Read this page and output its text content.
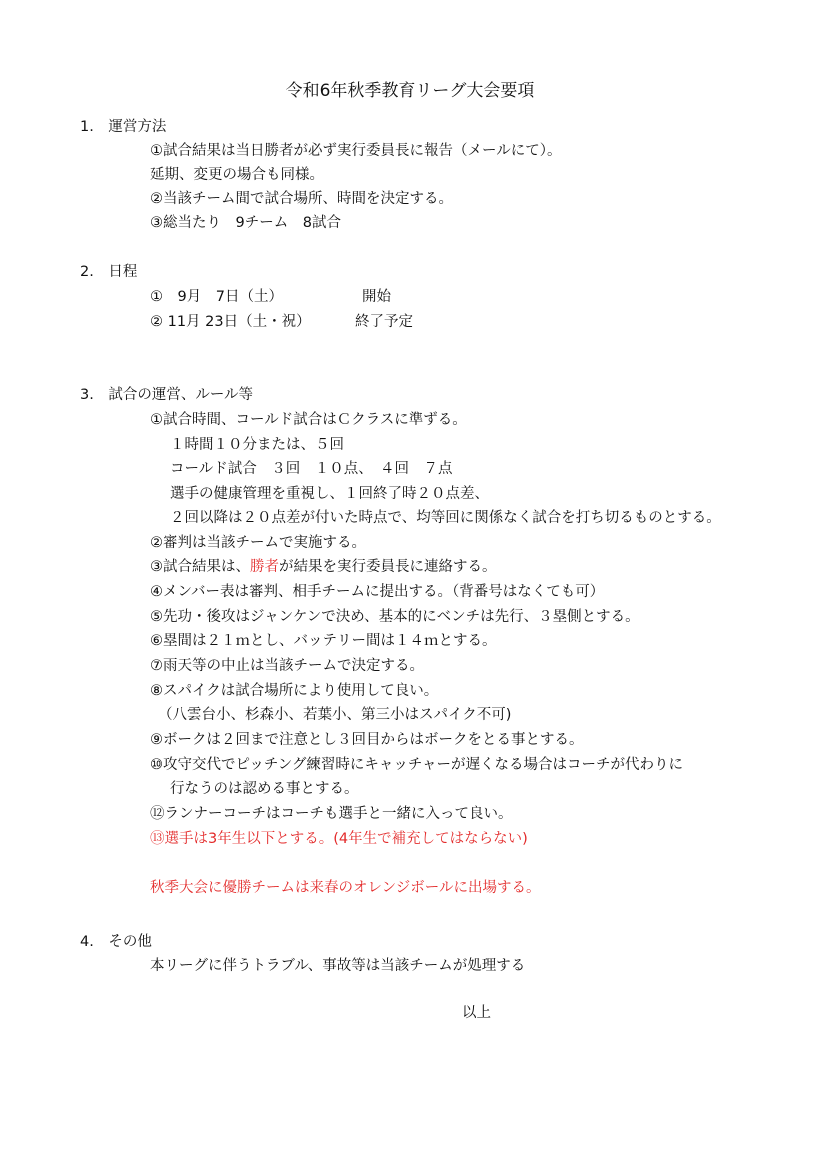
令和6年秋季教育リーグ大会要項
1.　運営方法
①試合結果は当日勝者が必ず実行委員長に報告（メールにて）。
延期、変更の場合も同様。
②当該チーム間で試合場所、時間を決定する。
③総当たり　9チーム　8試合
2.　日程
①　9月　7日（土）	開始
② 11月 23日（土・祝）	終了予定
3.　試合の運営、ルール等
①試合時間、コールド試合はＣクラスに準ずる。
１時間１０分または、５回
コールド試合　３回　１０点、　４回　７点
選手の健康管理を重視し、１回終了時２０点差、
２回以降は２０点差が付いた時点で、均等回に関係なく試合を打ち切るものとする。
②審判は当該チームで実施する。
③試合結果は、勝者が結果を実行委員長に連絡する。
④メンバー表は審判、相手チームに提出する。（背番号はなくても可）
⑤先功・後攻はジャンケンで決め、基本的にベンチは先行、３塁側とする。
⑥塁間は２１ｍとし、バッテリー間は１４ｍとする。
⑦雨天等の中止は当該チームで決定する。
⑧スパイクは試合場所により使用して良い。
（八雲台小、杉森小、若葉小、第三小はスパイク不可)
⑨ボークは２回まで注意とし３回目からはボークをとる事とする。
⑩攻守交代でピッチング練習時にキャッチャーが遅くなる場合はコーチが代わりに
行なうのは認める事とする。
⑫ランナーコーチはコーチも選手と一緒に入って良い。
⑬選手は3年生以下とする。(4年生で補充してはならない)
秋季大会に優勝チームは来春のオレンジボールに出場する。
4.　その他
本リーグに伴うトラブル、事故等は当該チームが処理する
以上
